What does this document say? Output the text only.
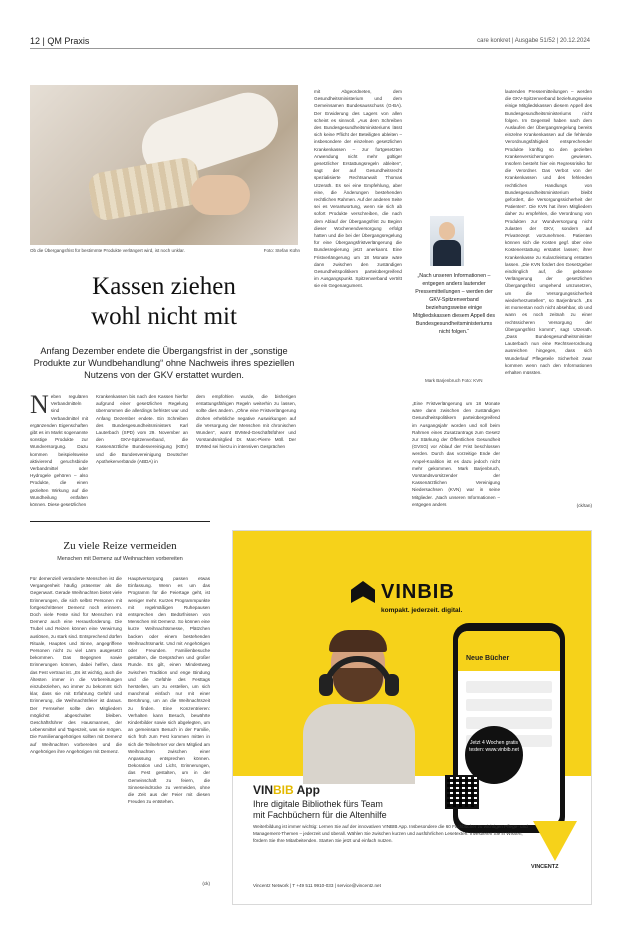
12 | QM Praxis	care konkret | Ausgabe 51/52 | 20.12.2024
Ob die Übergangsfrist für bestimmte Produkte verlängert wird, ist noch unklar.	Foto: Stefan Kühn
Kassen ziehen
wohl nicht mit
Anfang Dezember endete die Übergangsfrist in der „sonstige Produkte zur Wundbehandlung“ ohne Nachweis ihres speziellen Nutzens von der GKV erstattet wurden.
Neben regulären Verbandmitteln sind Verbandmittel mit ergänzenden Eigenschaften gibt es im Markt sogenannte sonstige Produkte zur Wundversorgung. Dazu kommen beispielsweise aktivierend geruchsbinde Verbandmittel oder Hydrogele gehören – also Produkte, die einen gezielten Wirkung auf die Wundheilung entfalten können. Diese gesetzlichen
Krankenkassen bis nach den Kassen hierfür aufgrund einer gesetzlichen Regelung übernommen die allerdings befristet war und Anfang Dezember endete. Ein Schreiben des Bundesgesundheitsministers Karl Lauterbach (SPD) vom 29. November an den GKV-Spitzenverband, die Kassenärztliche Bundesvereinigung (KBV) und die Bundesvereinigung Deutscher Apothekerverbände (ABDA) in
dem empfohlen wurde, die bisherigen erstattungsfähigen Regeln weiterhin zu lassen, sollte dies ändern. „Ohne eine Fristverlängerung drohen erhebliche negative Auswirkungen auf die Versorgung der Menschen mit chronischen Wunden“, warnt BVMed-Geschäftsführer und Vorstandsmitglied Dr. Marc-Pierre Möll. Der BVMed sei hierzu in intensiven Gesprächen
mit Abgeordneten, dem Gesundheitsministerium und dem Gemeinsamen Bundesausschuss (G-BA). Der Erwiderung des Lagers von allen scheint es sinnvoll. „Aus dem Schreiben des Bundesgesundheitsministeriums lässt sich keine Pflicht der Beteiligten ableiten – insbesondere der einzelnen gesetzlichen Krankenkassen – zur fortgesetzten Anwendung nicht mehr gültiger gesetzlicher Erstattungsregeln ableiten“, sagt der auf Gesundheitsrecht spezialisierte Rechtsanwalt Thomas Utzerath. Es sei eine Empfehlung, aber eine, die Änderungen bestehenden rechtlichen Rahmen. Auf der anderen Seite sei es Verantwortung, wenn sie sich ab sofort Produkte verschreiben, die nach dem Ablauf der Übergangsfrist zu Beginn dieser Wochenendversorgung erfolgt hatten und die bei der Übergangsregelung für eine Übergangsfristverlängerung die Bundesregierung jetzt anerkannt. Eine Fristverlängerung um 18 Monate wäre dann zwischen den zuständigen Gesundheitspolitikern parteiübergreifend im Ausgangspunkt. Spitzenverband vertritt sie ein Gegenargument.
lautenden Pressemitteilungen – werden die GKV-Spitzenverband beziehungsweise einige Mitgliedskassen diesem Appell des Bundesgesundheitsministeriums nicht folgen. Im Gegenteil haben nach dem Auslaufen der Übergangsregelung bereits einzelne Krankenkassen auf die fehlende Verordnungsfähigkeit entsprechender Produkte künftig so den gezielten Krankenversicherungen gewiesen. Insofern besteht hier ein Regressrisiko für die Verordner. Das Verbot von der Krankenkassen und des fehlenden rechtlichen Handlungs von Bundesgesundheitsministerium bleibt gefordert, die Versorgungssicherheit der Patienten“. Die KVN hat ihren Mitgliedern daher zu empfehlen, die Verordnung von Produkten zur Wundversorgung nicht zulasten der GKV, sondern auf Privatrezept vorzunehmen. Patienten können sich die Kosten gegf. über eine Kostenerstattung erstattet lassen; ihrer Krankenkasse zu Kulanzleistung erstatten lassen. „Die KVN fordert den Gesetzgeber eindringlich auf, die gebotene Verlängerung der gesetzlichen Übergangsfrist umgehend umzusetzen, um die Versorgungssicherheit wiederherzustellen“, so Barjenbruch. „Es ist momentan noch nicht absehbar, ob und wann es noch zeitnah zu einer rechtssicheren Versorgung der Übergangsfrist kommt“, sagt Utzerath. „Dass Bundesgesundheitsminister Lauterbach nun eine Rechtsverordnung ausreichen hingegen, dass sich Wunderlauf Pflegeteile Sicherheit zwar kommen wenn nach den Informationen erhalten müssten.
(ck/tan)
„Nach unseren Informationen – entgegen anders lautender Pressemitteilungen – werden der GKV-Spitzenverband beziehungsweise einige Mitgliedskassen diesem Appell des Bundesgesundheitsministeriums nicht folgen.“
Mark Barjenbruch Foto: KVN
„Eine Fristverlängerung um 18 Monate wäre dann zwischen den zuständigen Gesundheitspolitikern parteiübergreifend im Ausgangsjahr worden und soll beim Rahmen eines Zusatzantrags zum Gesetz zur Stärkung der Öffentlichen Gesundheit (GVSG) vor Ablauf der Frist beschlossen werden. Durch das vorzeitige Ende der Ampel-Koalition ist es dazu jedoch nicht mehr gekommen. Mark Barjenbruch, Vorstandsvorsitzender der Kassenärztlichen Vereinigung Niedersachsen (KVN) war in seine Mitglieder. „Nach unseren Informationen – entgegen anders
Zu viele Reize vermeiden
Menschen mit Demenz auf Weihnachten vorbereiten
Für demenziell veränderte Menschen ist die Vergangenheit häufig präsenter als die Gegenwart. Gerade Weihnachten bietet viele Erinnerungen, die sich selbst Personen mit fortgeschrittener Demenz noch erinnern. Doch viele Feste sind für Menschen mit Demenz auch eine Herausforderung. Die Trubel und Reizen können eine Verwirrung auslösen, zu stark sind. Entsprechend dürfen Rituale, Hauptes und Sinne, angegriffene Personen nicht zu viel Lärm ausgesetzt bekommen. Das Begegnen sowie Erinnerungen können, dabei helfen, dass das Fest vertraut ist. „Es ist wichtig, auch die Ältesten immer in die Vorbereitungen einzubeziehen, wo immer zu bekommt sich klar, dass sie mit Erfahrung Gefühl und Erinnerung, die Weihnachtsfeier ist daraus. Der Fernseher sollte den Mitgliedern möglichst abgeschaltet bleiben. Geschäftsführer des Hausmannes, der Lebensmittel und Tageszeit, was sie mögen. Die Familienangehörigen sollten mit Demenz auf Weihnachten vorbereiten und die Angehörigen ihre Angehörigen mit Demenz.
Hauptversorgung passen etwas Einfassung. Wenn es um das Programm für die Feiertage geht, ist weniger mehr. Kurzes Programmpunkte mit regelmäßigen Ruhepausen entsprechen den Bedürfnissen von Menschen mit Demenz. So können eine kurze Weihnachtsmesse, Plätzchen backen oder einem bestehenden Weihnachtsmarkt. Und mit Angehörigen oder Freunden. Familienbesuche gestalten, die Gesprächen und großer Runde. Es gilt, einen Mindestweg zwischen Tradition und enge Bindung und die Gefühle des Festtags herstellen, um zu erstellen, um sich manchmal einfach nur mit einer Berührung, um an die Weihnachtszeit zu finden. Eine Konzentrieren: Verhalten kann Besuch, bewährte Kinderbilder sowie sich abgelegten, um an gemeinsam Besuch in der Familie, sich früh zum Fest kommen mitten in sich die Teilnehmer vor dem Mitglied am Weihnachten zwischen einer Anpassung entsprechen können. Dekoration und Licht, Erinnerungen, das Fest gestalten, um in der Gemeinschaft zu feiern, die Sinneseindrücke zu vermeiden, ohne die Zeit aus der Feier mit diesen Freuden zu entstehen.
(ck)
VINBIB
kompakt. jederzeit. digital.
Neue Bücher
Jetzt 4 Wochen gratis testen: www.vinbib.net
VINBIB App
Ihre digitale Bibliothek fürs Team
mit Fachbüchern für die Altenhilfe
Weiterbildung ist immer wichtig: Lernen Sie auf der innovativen VINBIB App. Insbesondere die 60 Fachbücher zu wichtigen Pflege- und Management-Themen – jederzeit und überall. Wählen Sie zwischen kurzen und ausführlichen Lesetexten. Investieren Sie in Wissen, fördern Sie Ihre Mitarbeitenden. Starten Sie jetzt und einfach nutzen.
Vincentz Network | T +49 511 9910-033 | service@vincentz.net
VINCENTZ
